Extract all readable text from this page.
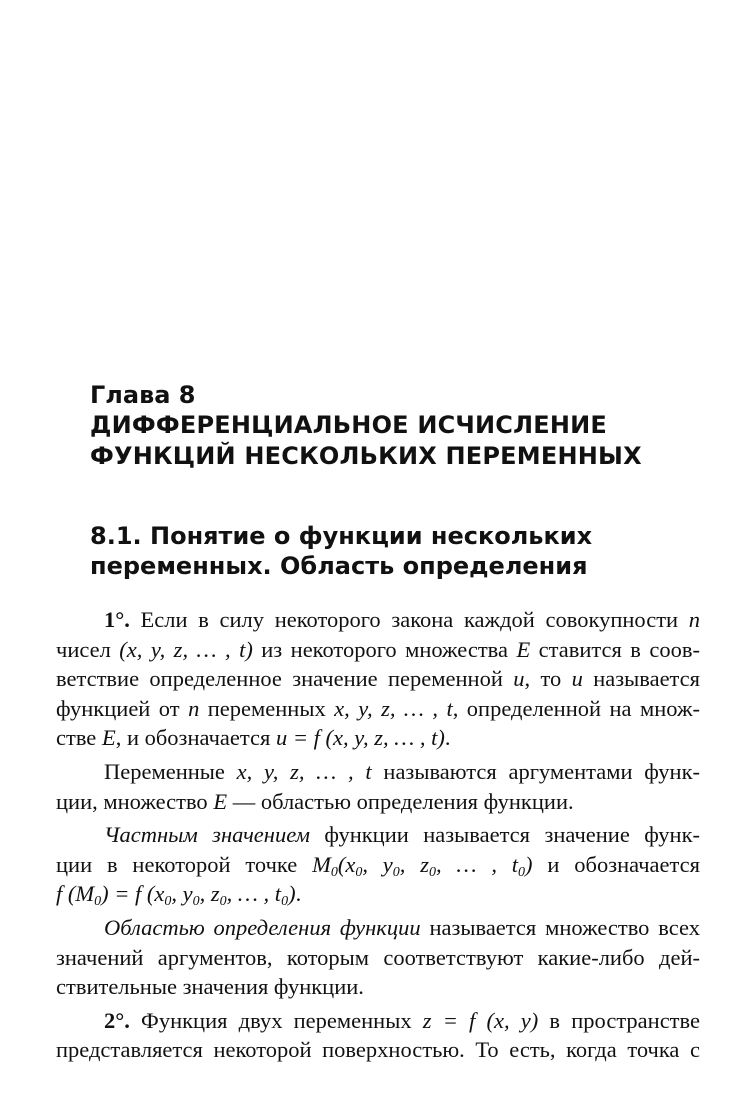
Глава 8

ДИФФЕРЕНЦИАЛЬНОЕ ИСЧИСЛЕНИЕ

ФУНКЦИЙ НЕСКОЛЬКИХ ПЕРЕМЕННЫХ

8.1. Понятие о функции нескольких

переменных. Область определения

1°. Если в силу некоторого закона каждой совокупности n
чисел (x, y, z, … , t) из некоторого множества E ставится в соов-
ветствие определенное значение переменной u, то u называется
функцией от n переменных x, y, z, … , t, определенной на множ-
стве E, и обозначается u = f (x, y, z, … , t).
Переменные x, y, z, … , t называются аргументами функ-
ции, множество E — областью определения функции.
Частным значением функции называется значение функ-
ции в некоторой точке $M_0(x_0$, $y_0$, $z_0$, … , $t_0$) и обозначается
f $(M_0) = f$ ($x_0$, $y_0$, $z_0$, … , $t_0$).
Областью определения функции называется множество всех
значений аргументов, которым соответствуют какие-либо дей-
ствительные значения функции.
2°. Функция двух переменных z = f (x, y) в пространстве
представляется некоторой поверхностью. То есть, когда точка с
